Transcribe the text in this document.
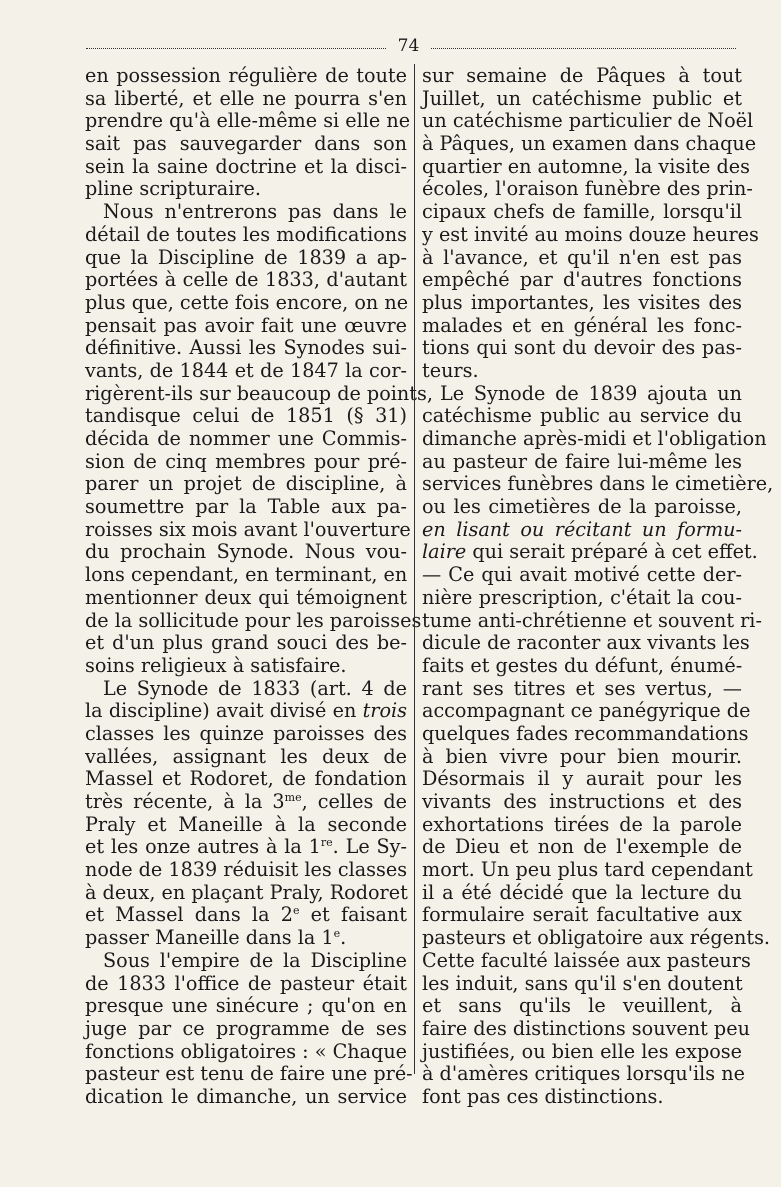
74
en possession régulière de toute
sa liberté, et elle ne pourra s'en
prendre qu'à elle-même si elle ne
sait pas sauvegarder dans son
sein la saine doctrine et la disci-
pline scripturaire.
Nous n'entrerons pas dans le
détail de toutes les modifications
que la Discipline de 1839 a ap-
portées à celle de 1833, d'autant
plus que, cette fois encore, on ne
pensait pas avoir fait une œuvre
définitive. Aussi les Synodes sui-
vants, de 1844 et de 1847 la cor-
rigèrent-ils sur beaucoup de points,
tandisque celui de 1851 (§ 31)
décida de nommer une Commis-
sion de cinq membres pour pré-
parer un projet de discipline, à
soumettre par la Table aux pa-
roisses six mois avant l'ouverture
du prochain Synode. Nous vou-
lons cependant, en terminant, en
mentionner deux qui témoignent
de la sollicitude pour les paroisses
et d'un plus grand souci des be-
soins religieux à satisfaire.
Le Synode de 1833 (art. 4 de
la discipline) avait divisé en trois
classes les quinze paroisses des
vallées, assignant les deux de
Massel et Rodoret, de fondation
très récente, à la $3^{me}$, celles de
Praly et Maneille à la seconde
et les onze autres à la 1re. Le Sy-
node de 1839 réduisit les classes
à deux, en plaçant Praly, Rodoret
et Massel dans la 2e et faisant
passer Maneille dans la 1e.
Sous l'empire de la Discipline
de 1833 l'office de pasteur était
presque une sinécure ; qu'on en
juge par ce programme de ses
fonctions obligatoires : « Chaque
pasteur est tenu de faire une pré-
dication le dimanche, un service
sur semaine de Pâques à tout
Juillet, un catéchisme public et
un catéchisme particulier de Noël
à Pâques, un examen dans chaque
quartier en automne, la visite des
écoles, l'oraison funèbre des prin-
cipaux chefs de famille, lorsqu'il
y est invité au moins douze heures
à l'avance, et qu'il n'en est pas
empêché par d'autres fonctions
plus importantes, les visites des
malades et en général les fonc-
tions qui sont du devoir des pas-
teurs.
Le Synode de 1839 ajouta un
catéchisme public au service du
dimanche après-midi et l'obligation
au pasteur de faire lui-même les
services funèbres dans le cimetière,
ou les cimetières de la paroisse,
en lisant ou récitant un formu-
laire qui serait préparé à cet effet.
— Ce qui avait motivé cette der-
nière prescription, c'était la cou-
tume anti-chrétienne et souvent ri-
dicule de raconter aux vivants les
faits et gestes du défunt, énumé-
rant ses titres et ses vertus, —
accompagnant ce panégyrique de
quelques fades recommandations
à bien vivre pour bien mourir.
Désormais il y aurait pour les
vivants des instructions et des
exhortations tirées de la parole
de Dieu et non de l'exemple de
mort. Un peu plus tard cependant
il a été décidé que la lecture du
formulaire serait facultative aux
pasteurs et obligatoire aux régents.
Cette faculté laissée aux pasteurs
les induit, sans qu'il s'en doutent
et sans qu'ils le veuillent, à
faire des distinctions souvent peu
justifiées, ou bien elle les expose
à d'amères critiques lorsqu'ils ne
font pas ces distinctions.
